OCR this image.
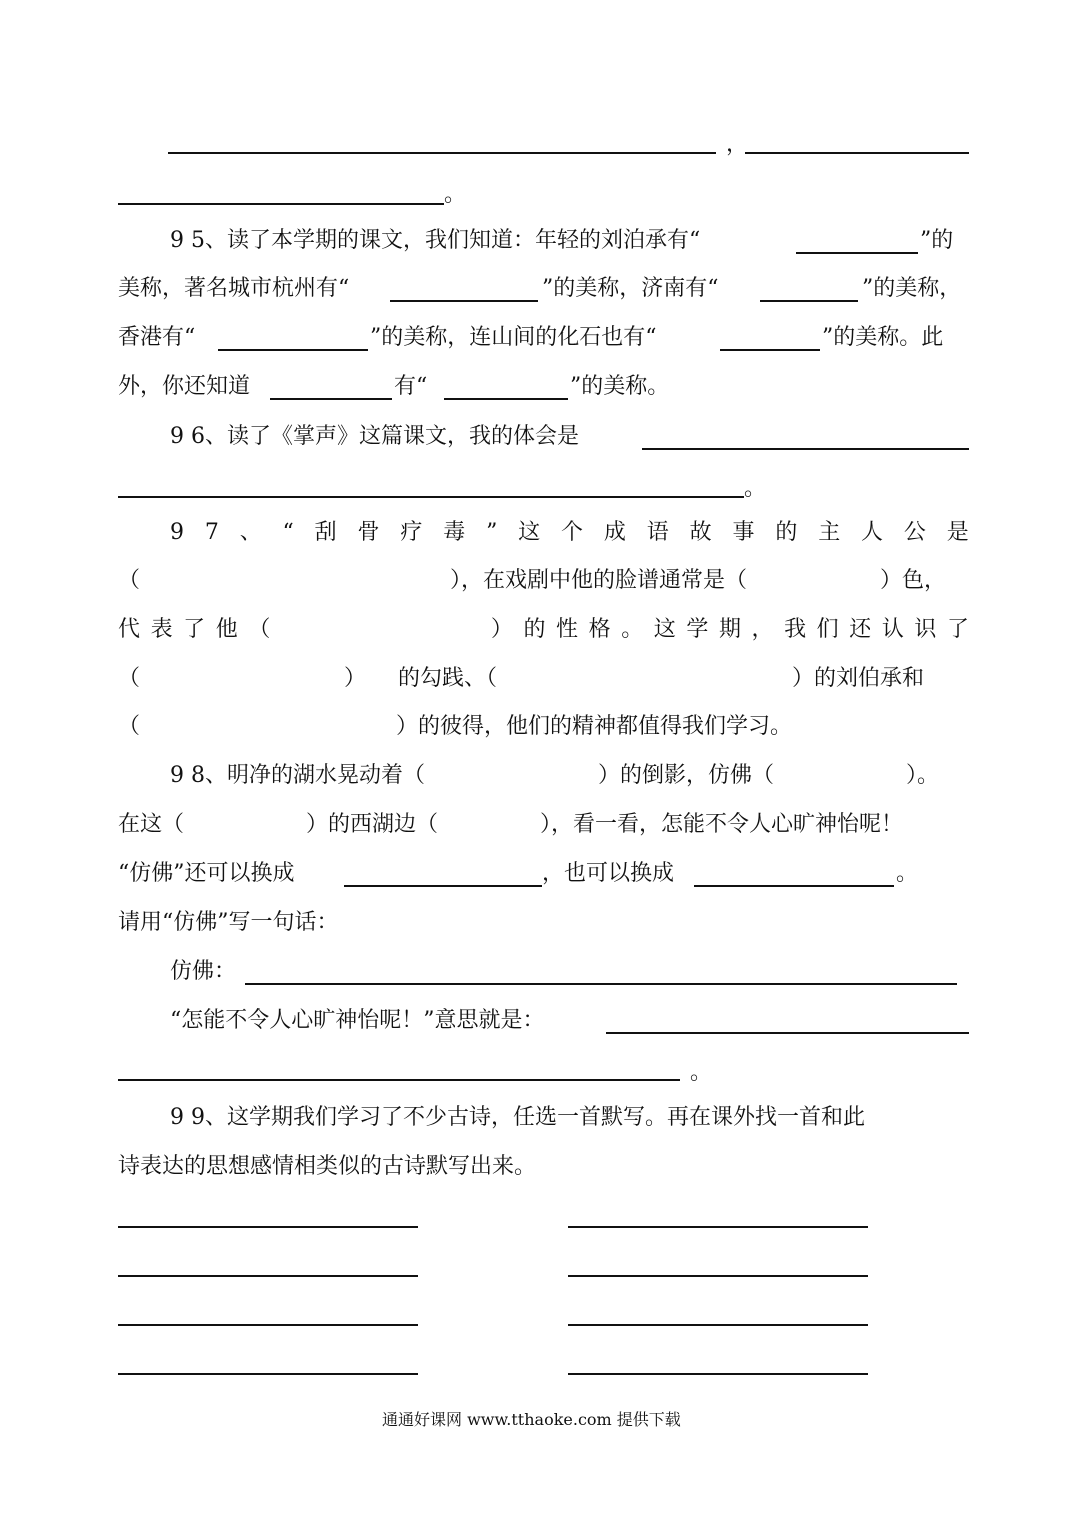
，
。
9 5、读了本学期的课文，我们知道：年轻的刘泊承有“	”的
美称，著名城市杭州有“	”的美称，济南有“	”的美称，
香港有“	”的美称，连山间的化石也有“	”的美称。此
外，你还知道	有“	”的美称。
9 6、读了《掌声》这篇课文，我的体会是
。
9 7 、 “ 刮 骨 疗 毒 ” 这 个 成 语 故 事 的 主 人 公 是
（	），在戏剧中他的脸谱通常是（	）色，
代 表 了 他 （	） 的 性 格 。 这 学 期 ， 我 们 还 认 识 了
（	） 的勾践、（	）的刘伯承和
（	）的彼得，他们的精神都值得我们学习。
9 8、明净的湖水晃动着（	）的倒影，仿佛（	）。
在这（	）的西湖边（	），看一看，怎能不令人心旷神怡呢！
“仿佛”还可以换成	，也可以换成	。
请用“仿佛”写一句话：
仿佛：
“怎能不令人心旷神怡呢！”意思就是：
。
9 9、这学期我们学习了不少古诗，任选一首默写。再在课外找一首和此
诗表达的思想感情相类似的古诗默写出来。
通通好课网 www.tthaoke.com 提供下载
